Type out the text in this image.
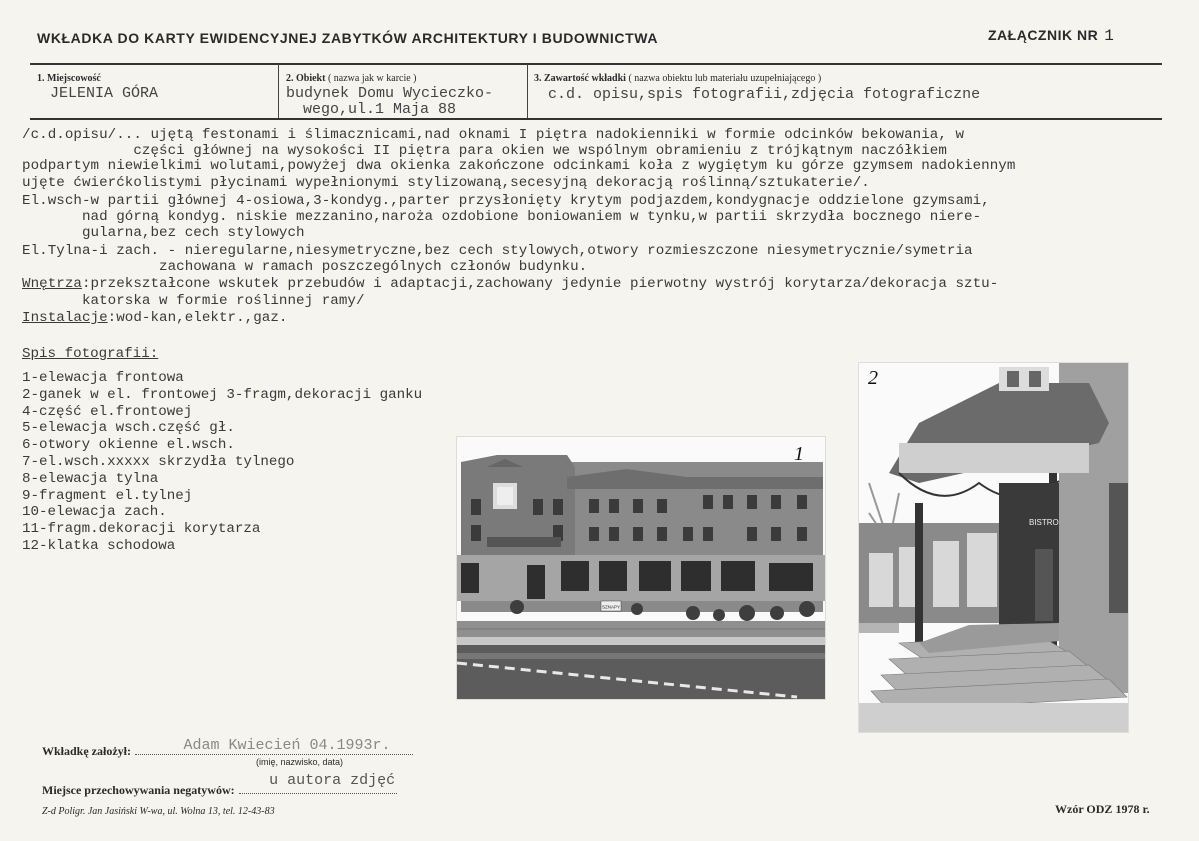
WKŁADKA DO KARTY EWIDENCYJNEJ ZABYTKÓW ARCHITEKTURY I BUDOWNICTWA	ZAŁĄCZNIK NR 1
1. Miejscowość
JELENIA GÓRA
2. Obiekt ( nazwa jak w karcie )
budynek Domu Wycieczko-
wego,ul.1 Maja 88
3. Zawartość wkładki ( nazwa obiektu lub materiału uzupełniającego )
c.d. opisu,spis fotografii,zdjęcia fotograficzne
/c.d.opisu/... ujętą festonami i ślimacznicami,nad oknami I piętra nadokienniki w formie odcinków bekowania, w
części głównej na wysokości II piętra para okien we wspólnym obramieniu z trójkątnym naczółkiem
podpartym niewielkimi wolutami,powyżej dwa okienka zakończone odcinkami koła z wygiętym ku górze gzymsem nadokiennym
ujęte ćwierćkolistymi płycinami wypełnionymi stylizowaną,secesyjną dekoracją roślinną/sztukaterie/.
El.wsch-w partii głównej 4-osiowa,3-kondyg.,parter przysłonięty krytym podjazdem,kondygnacje oddzielone gzymsami,
nad górną kondyg. niskie mezzanino,naroża ozdobione boniowaniem w tynku,w partii skrzydła bocznego niere-
gularna,bez cech stylowych
El.Tylna-i zach. - nieregularne,niesymetryczne,bez cech stylowych,otwory rozmieszczone niesymetrycznie/symetria
zachowana w ramach poszczególnych członów budynku.
Wnętrza:przekształcone wskutek przebudów i adaptacji,zachowany jedynie pierwotny wystrój korytarza/dekoracja sztu-
katorska w formie roślinnej ramy/
Instalacje:wod-kan,elektr.,gaz.
Spis fotografii:
1-elewacja frontowa
2-ganek w el. frontowej 3-fragm,dekoracji ganku
4-część el.frontowej
5-elewacja wsch.część gł.
6-otwory okienne el.wsch.
7-el.wsch.xxxxx skrzydła tylnego
8-elewacja tylna
9-fragment el.tylnej
10-elewacja zach.
11-fragm.dekoracji korytarza
12-klatka schodowa
SZNAPY
1
BISTRO
2
Wkładkę założył:	Adam Kwiecień 04.1993r.
(imię, nazwisko, data)
Miejsce przechowywania negatywów:
u autora zdjęć
Z-d Poligr. Jan Jasiński W-wa, ul. Wolna 13, tel. 12-43-83	Wzór ODZ 1978 r.
